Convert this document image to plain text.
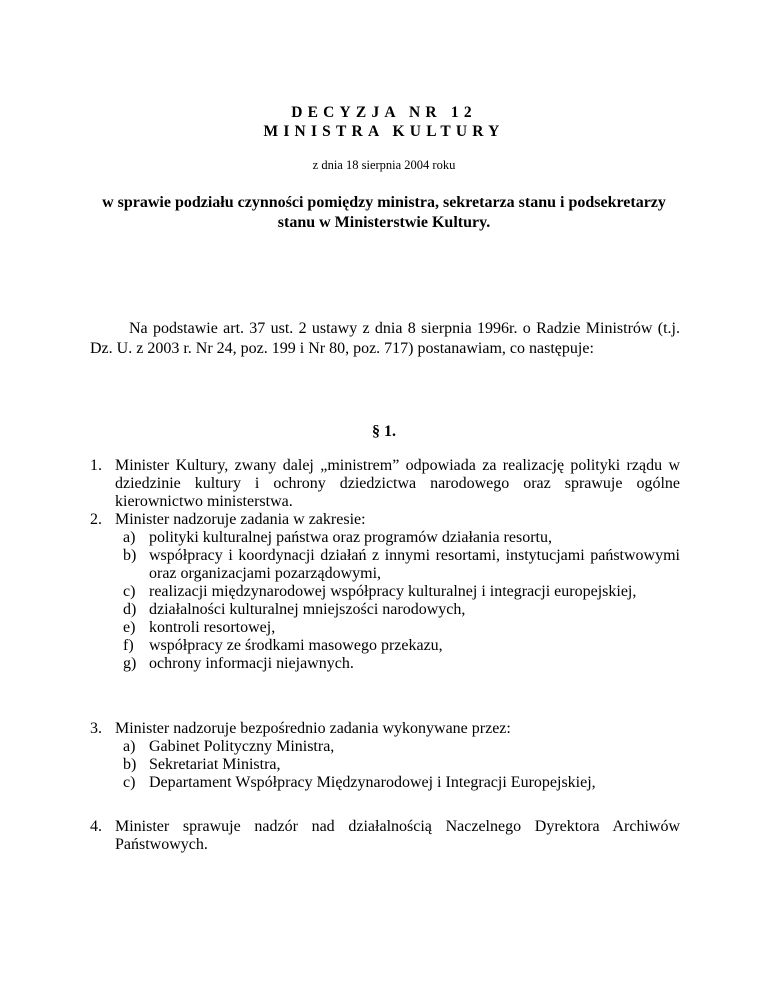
DECYZJA NR 12
MINISTRA KULTURY
z dnia 18 sierpnia 2004 roku
w sprawie podziału czynności pomiędzy ministra, sekretarza stanu i podsekretarzy stanu w Ministerstwie Kultury.

Na podstawie art. 37 ust. 2 ustawy z dnia 8 sierpnia 1996r. o Radzie Ministrów (t.j. Dz. U. z 2003 r. Nr 24, poz. 199 i Nr 80, poz. 717) postanawiam, co następuje:

§ 1.
1. Minister Kultury, zwany dalej „ministrem” odpowiada za realizację polityki rządu w dziedzinie kultury i ochrony dziedzictwa narodowego oraz sprawuje ogólne kierownictwo ministerstwa.
2. Minister nadzoruje zadania w zakresie:
a) polityki kulturalnej państwa oraz programów działania resortu,
b) współpracy i koordynacji działań z innymi resortami, instytucjami państwowymi oraz organizacjami pozarządowymi,
c) realizacji międzynarodowej współpracy kulturalnej i integracji europejskiej,
d) działalności kulturalnej mniejszości narodowych,
e) kontroli resortowej,
f) współpracy ze środkami masowego przekazu,
g) ochrony informacji niejawnych.
3. Minister nadzoruje bezpośrednio zadania wykonywane przez:
a) Gabinet Polityczny Ministra,
b) Sekretariat Ministra,
c) Departament Współpracy Międzynarodowej i Integracji Europejskiej,
4. Minister sprawuje nadzór nad działalnością Naczelnego Dyrektora Archiwów Państwowych.
